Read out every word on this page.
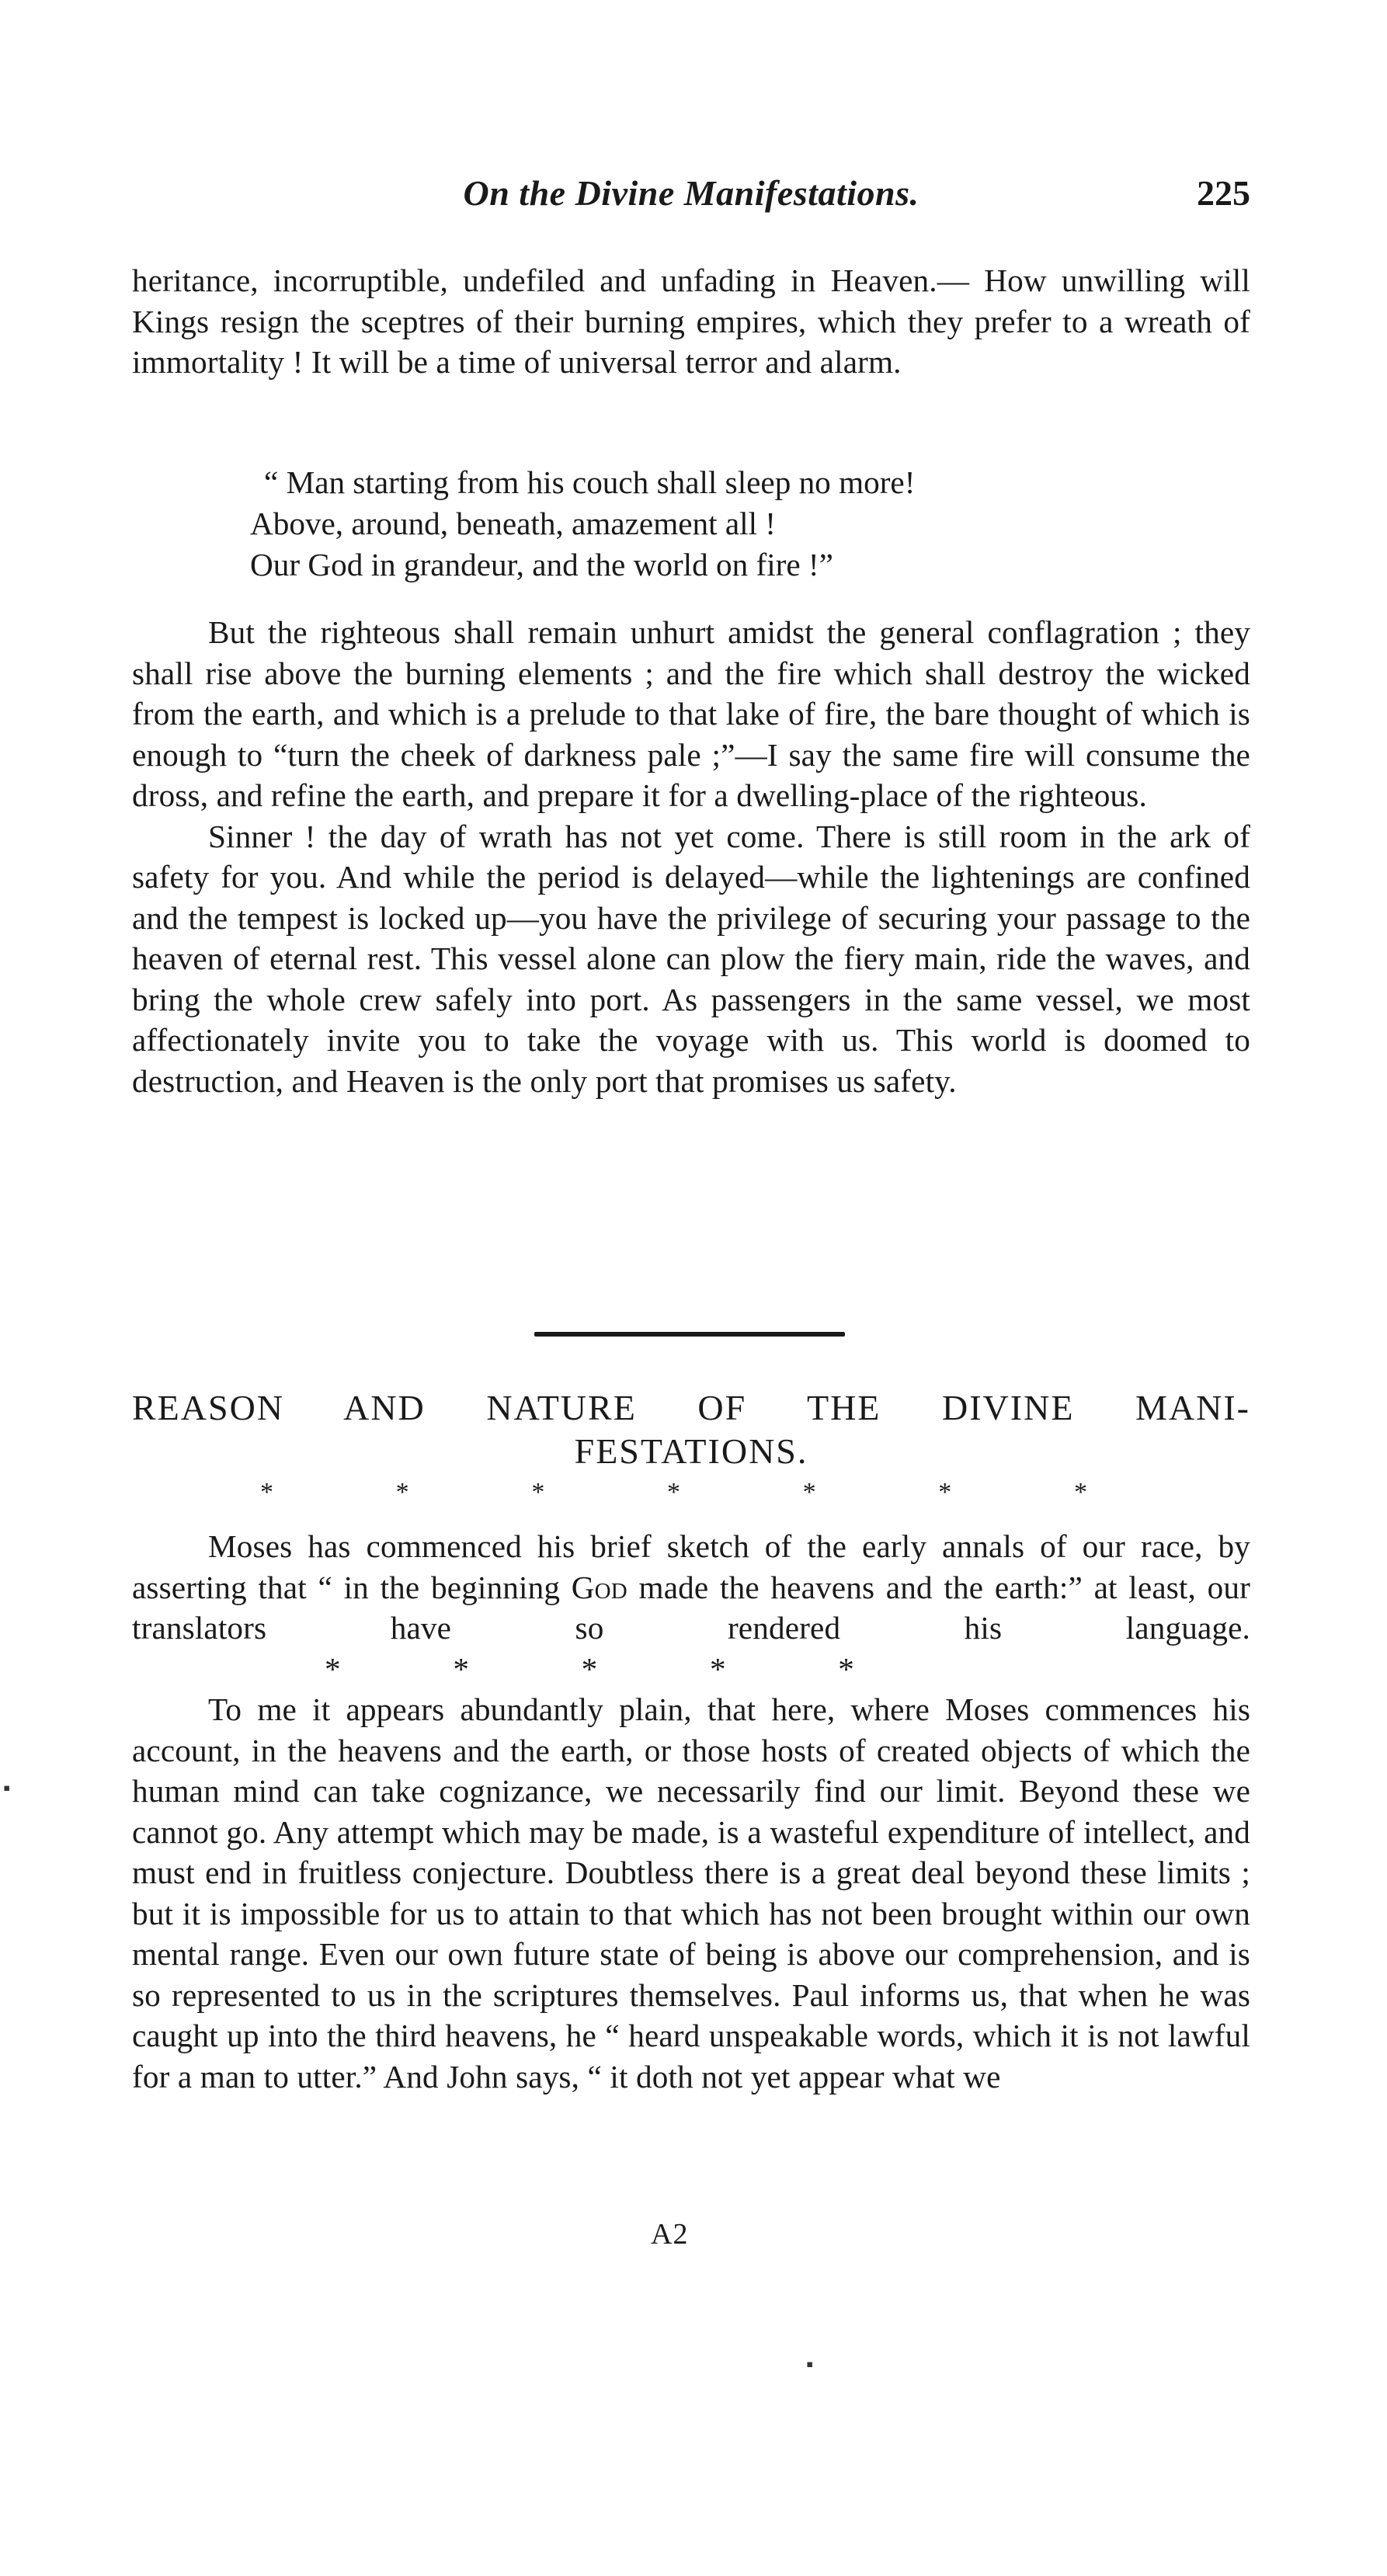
On the Divine Manifestations.	225

heritance, incorruptible, undefiled and unfading in Heaven.— How unwilling will Kings resign the sceptres of their burning empires, which they prefer to a wreath of immortality ! It will be a time of universal terror and alarm.

“ Man starting from his couch shall sleep no more!
Above, around, beneath, amazement all !
Our God in grandeur, and the world on fire !”

But the righteous shall remain unhurt amidst the general conflagration ; they shall rise above the burning elements ; and the fire which shall destroy the wicked from the earth, and which is a prelude to that lake of fire, the bare thought of which is enough to “turn the cheek of darkness pale ;”—I say the same fire will consume the dross, and refine the earth, and prepare it for a dwelling-place of the righteous.

Sinner ! the day of wrath has not yet come. There is still room in the ark of safety for you. And while the period is delayed—while the lightenings are confined and the tempest is locked up—you have the privilege of securing your passage to the heaven of eternal rest. This vessel alone can plow the fiery main, ride the waves, and bring the whole crew safely into port. As passengers in the same vessel, we most affectionately invite you to take the voyage with us. This world is doomed to destruction, and Heaven is the only port that promises us safety.

REASON AND NATURE OF THE DIVINE MANI-
FESTATIONS.
*	*	*	*	*	*	*

Moses has commenced his brief sketch of the early annals of our race, by asserting that “ in the beginning God made the heavens and the earth:” at least, our translators have so rendered his language.*	*	*	*	*

To me it appears abundantly plain, that here, where Moses commences his account, in the heavens and the earth, or those hosts of created objects of which the human mind can take cognizance, we necessarily find our limit. Beyond these we cannot go. Any attempt which may be made, is a wasteful expenditure of intellect, and must end in fruitless conjecture. Doubtless there is a great deal beyond these limits ; but it is impossible for us to attain to that which has not been brought within our own mental range. Even our own future state of being is above our comprehension, and is so represented to us in the scriptures themselves. Paul informs us, that when he was caught up into the third heavens, he “ heard unspeakable words, which it is not lawful for a man to utter.” And John says, “ it doth not yet appear what we

A2
▪
▪
